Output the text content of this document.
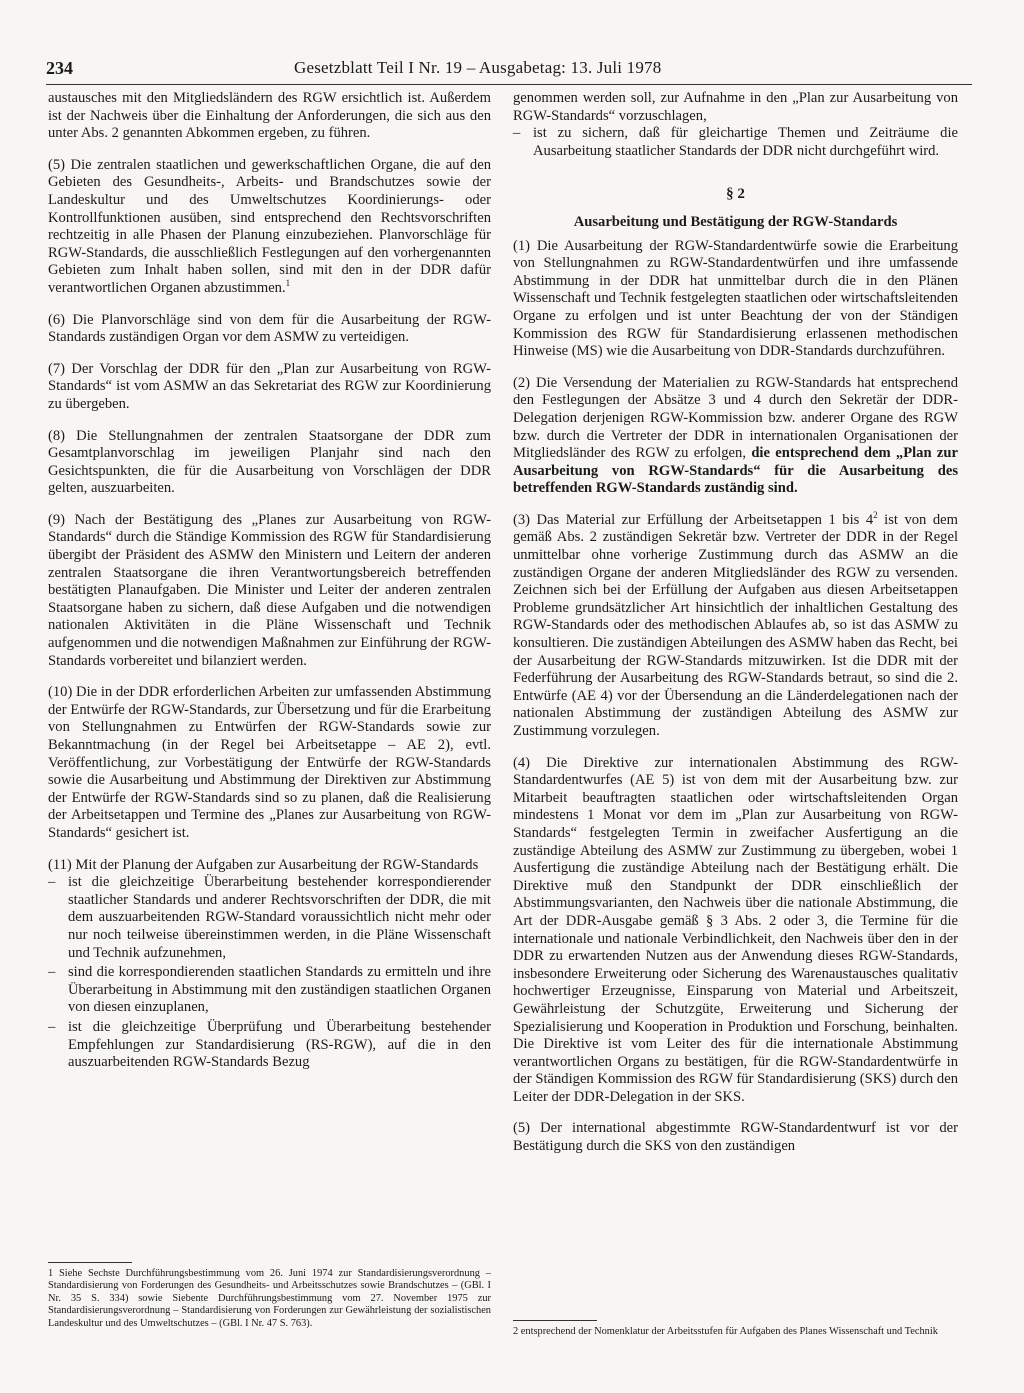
234	Gesetzblatt Teil I Nr. 19 – Ausgabetag: 13. Juli 1978

austausches mit den Mitgliedsländern des RGW ersichtlich ist. Außerdem ist der Nachweis über die Einhaltung der Anforderungen, die sich aus den unter Abs. 2 genannten Abkommen ergeben, zu führen.

(5) Die zentralen staatlichen und gewerkschaftlichen Organe, die auf den Gebieten des Gesundheits-, Arbeits- und Brandschutzes sowie der Landeskultur und des Umweltschutzes Koordinierungs- oder Kontrollfunktionen ausüben, sind entsprechend den Rechtsvorschriften rechtzeitig in alle Phasen der Planung einzubeziehen. Planvorschläge für RGW-Standards, die ausschließlich Festlegungen auf den vorhergenannten Gebieten zum Inhalt haben sollen, sind mit den in der DDR dafür verantwortlichen Organen abzustimmen.$^1$

(6) Die Planvorschläge sind von dem für die Ausarbeitung der RGW-Standards zuständigen Organ vor dem ASMW zu verteidigen.

(7) Der Vorschlag der DDR für den „Plan zur Ausarbeitung von RGW-Standards“ ist vom ASMW an das Sekretariat des RGW zur Koordinierung zu übergeben.

(8) Die Stellungnahmen der zentralen Staatsorgane der DDR zum Gesamtplanvorschlag im jeweiligen Planjahr sind nach den Gesichtspunkten, die für die Ausarbeitung von Vorschlägen der DDR gelten, auszuarbeiten.

(9) Nach der Bestätigung des „Planes zur Ausarbeitung von RGW-Standards“ durch die Ständige Kommission des RGW für Standardisierung übergibt der Präsident des ASMW den Ministern und Leitern der anderen zentralen Staatsorgane die ihren Verantwortungsbereich betreffenden bestätigten Planaufgaben. Die Minister und Leiter der anderen zentralen Staatsorgane haben zu sichern, daß diese Aufgaben und die notwendigen nationalen Aktivitäten in die Pläne Wissenschaft und Technik aufgenommen und die notwendigen Maßnahmen zur Einführung der RGW-Standards vorbereitet und bilanziert werden.

(10) Die in der DDR erforderlichen Arbeiten zur umfassenden Abstimmung der Entwürfe der RGW-Standards, zur Übersetzung und für die Erarbeitung von Stellungnahmen zu Entwürfen der RGW-Standards sowie zur Bekanntmachung (in der Regel bei Arbeitsetappe – AE 2), evtl. Veröffentlichung, zur Vorbestätigung der Entwürfe der RGW-Standards sowie die Ausarbeitung und Abstimmung der Direktiven zur Abstimmung der Entwürfe der RGW-Standards sind so zu planen, daß die Realisierung der Arbeitsetappen und Termine des „Planes zur Ausarbeitung von RGW-Standards“ gesichert ist.

(11) Mit der Planung der Aufgaben zur Ausarbeitung der RGW-Standards

– ist die gleichzeitige Überarbeitung bestehender korrespondierender staatlicher Standards und anderer Rechtsvorschriften der DDR, die mit dem auszuarbeitenden RGW-Standard voraussichtlich nicht mehr oder nur noch teilweise übereinstimmen werden, in die Pläne Wissenschaft und Technik aufzunehmen,
– sind die korrespondierenden staatlichen Standards zu ermitteln und ihre Überarbeitung in Abstimmung mit den zuständigen staatlichen Organen von diesen einzuplanen,
– ist die gleichzeitige Überprüfung und Überarbeitung bestehender Empfehlungen zur Standardisierung (RS-RGW), auf die in den auszuarbeitenden RGW-Standards Bezug
1 Siehe Sechste Durchführungsbestimmung vom 26. Juni 1974 zur Standardisierungsverordnung – Standardisierung von Forderungen des Gesundheits- und Arbeitsschutzes sowie Brandschutzes – (GBl. I Nr. 35 S. 334) sowie Siebente Durchführungsbestimmung vom 27. November 1975 zur Standardisierungsverordnung – Standardisierung von Forderungen zur Gewährleistung der sozialistischen Landeskultur und des Umweltschutzes – (GBl. I Nr. 47 S. 763).

genommen werden soll, zur Aufnahme in den „Plan zur Ausarbeitung von RGW-Standards“ vorzuschlagen,

– ist zu sichern, daß für gleichartige Themen und Zeiträume die Ausarbeitung staatlicher Standards der DDR nicht durchgeführt wird.
§ 2
Ausarbeitung und Bestätigung der RGW-Standards

(1) Die Ausarbeitung der RGW-Standardentwürfe sowie die Erarbeitung von Stellungnahmen zu RGW-Standardentwürfen und ihre umfassende Abstimmung in der DDR hat unmittelbar durch die in den Plänen Wissenschaft und Technik festgelegten staatlichen oder wirtschaftsleitenden Organe zu erfolgen und ist unter Beachtung der von der Ständigen Kommission des RGW für Standardisierung erlassenen methodischen Hinweise (MS) wie die Ausarbeitung von DDR-Standards durchzuführen.

(2) Die Versendung der Materialien zu RGW-Standards hat entsprechend den Festlegungen der Absätze 3 und 4 durch den Sekretär der DDR-Delegation derjenigen RGW-Kommission bzw. anderer Organe des RGW bzw. durch die Vertreter der DDR in internationalen Organisationen der Mitgliedsländer des RGW zu erfolgen, die entsprechend dem „Plan zur Ausarbeitung von RGW-Standards“ für die Ausarbeitung des betreffenden RGW-Standards zuständig sind.

(3) Das Material zur Erfüllung der Arbeitsetappen 1 bis $4^2$ ist von dem gemäß Abs. 2 zuständigen Sekretär bzw. Vertreter der DDR in der Regel unmittelbar ohne vorherige Zustimmung durch das ASMW an die zuständigen Organe der anderen Mitgliedsländer des RGW zu versenden. Zeichnen sich bei der Erfüllung der Aufgaben aus diesen Arbeitsetappen Probleme grundsätzlicher Art hinsichtlich der inhaltlichen Gestaltung des RGW-Standards oder des methodischen Ablaufes ab, so ist das ASMW zu konsultieren. Die zuständigen Abteilungen des ASMW haben das Recht, bei der Ausarbeitung der RGW-Standards mitzuwirken. Ist die DDR mit der Federführung der Ausarbeitung des RGW-Standards betraut, so sind die 2. Entwürfe (AE 4) vor der Übersendung an die Länderdelegationen nach der nationalen Abstimmung der zuständigen Abteilung des ASMW zur Zustimmung vorzulegen.

(4) Die Direktive zur internationalen Abstimmung des RGW-Standardentwurfes (AE 5) ist von dem mit der Ausarbeitung bzw. zur Mitarbeit beauftragten staatlichen oder wirtschaftsleitenden Organ mindestens 1 Monat vor dem im „Plan zur Ausarbeitung von RGW-Standards“ festgelegten Termin in zweifacher Ausfertigung an die zuständige Abteilung des ASMW zur Zustimmung zu übergeben, wobei 1 Ausfertigung die zuständige Abteilung nach der Bestätigung erhält. Die Direktive muß den Standpunkt der DDR einschließlich der Abstimmungsvarianten, den Nachweis über die nationale Abstimmung, die Art der DDR-Ausgabe gemäß § 3 Abs. 2 oder 3, die Termine für die internationale und nationale Verbindlichkeit, den Nachweis über den in der DDR zu erwartenden Nutzen aus der Anwendung dieses RGW-Standards, insbesondere Erweiterung oder Sicherung des Warenaustausches qualitativ hochwertiger Erzeugnisse, Einsparung von Material und Arbeitszeit, Gewährleistung der Schutzgüte, Erweiterung und Sicherung der Spezialisierung und Kooperation in Produktion und Forschung, beinhalten. Die Direktive ist vom Leiter des für die internationale Abstimmung verantwortlichen Organs zu bestätigen, für die RGW-Standardentwürfe in der Ständigen Kommission des RGW für Standardisierung (SKS) durch den Leiter der DDR-Delegation in der SKS.

(5) Der international abgestimmte RGW-Standardentwurf ist vor der Bestätigung durch die SKS von den zuständigen

2 entsprechend der Nomenklatur der Arbeitsstufen für Aufgaben des Planes Wissenschaft und Technik
